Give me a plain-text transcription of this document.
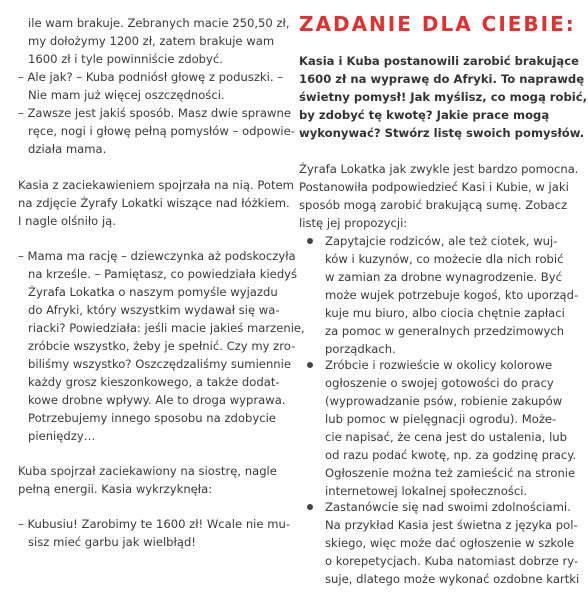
ile wam brakuje. Zebranych macie 250,50 zł,
my dołożymy 1200 zł, zatem brakuje wam
1600 zł i tyle powinniście zdobyć.
– Ale jak? – Kuba podniósł głowę z poduszki. –
Nie mam już więcej oszczędności.
– Zawsze jest jakiś sposób. Masz dwie sprawne
ręce, nogi i głowę pełną pomysłów – odpowie-
działa mama.
Kasia z zaciekawieniem spojrzała na nią. Potem
na zdjęcie Żyrafy Lokatki wiszące nad łóżkiem.
I nagle olśniło ją.
– Mama ma rację – dziewczynka aż podskoczyła
na krześle. – Pamiętasz, co powiedziała kiedyś
Żyrafa Lokatka o naszym pomyśle wyjazdu
do Afryki, który wszystkim wydawał się wa-
riacki? Powiedziała: jeśli macie jakieś marzenie,
zróbcie wszystko, żeby je spełnić. Czy my zro-
biliśmy wszystko? Oszczędzaliśmy sumiennie
każdy grosz kieszonkowego, a także dodat-
kowe drobne wpływy. Ale to droga wyprawa.
Potrzebujemy innego sposobu na zdobycie
pieniędzy…
Kuba spojrzał zaciekawiony na siostrę, nagle
pełną energii. Kasia wykrzyknęła:
– Kubusiu! Zarobimy te 1600 zł! Wcale nie mu-
sisz mieć garbu jak wielbłąd!
ZADANIE DLA CIEBIE:
Kasia i Kuba postanowili zarobić brakujące
1600 zł na wyprawę do Afryki. To naprawdę
świetny pomysł! Jak myślisz, co mogą robić,
by zdobyć tę kwotę? Jakie prace mogą
wykonywać? Stwórz listę swoich pomysłów.
Żyrafa Lokatka jak zwykle jest bardzo pomocna.
Postanowiła podpowiedzieć Kasi i Kubie, w jaki
sposób mogą zarobić brakującą sumę. Zobacz
listę jej propozycji:
Zapytajcie rodziców, ale też ciotek, wuj-
ków i kuzynów, co możecie dla nich robić
w zamian za drobne wynagrodzenie. Być
może wujek potrzebuje kogoś, kto uporząd-
kuje mu biuro, albo ciocia chętnie zapłaci
za pomoc w generalnych przedzimowych
porządkach.
Zróbcie i rozwieście w okolicy kolorowe
ogłoszenie o swojej gotowości do pracy
(wyprowadzanie psów, robienie zakupów
lub pomoc w pielęgnacji ogrodu). Może-
cie napisać, że cena jest do ustalenia, lub
od razu podać kwotę, np. za godzinę pracy.
Ogłoszenie można też zamieścić na stronie
internetowej lokalnej społeczności.
Zastanówcie się nad swoimi zdolnościami.
Na przykład Kasia jest świetna z języka pol-
skiego, więc może dać ogłoszenie w szkole
o korepetycjach. Kuba natomiast dobrze ry-
suje, dlatego może wykonać ozdobne kartki
